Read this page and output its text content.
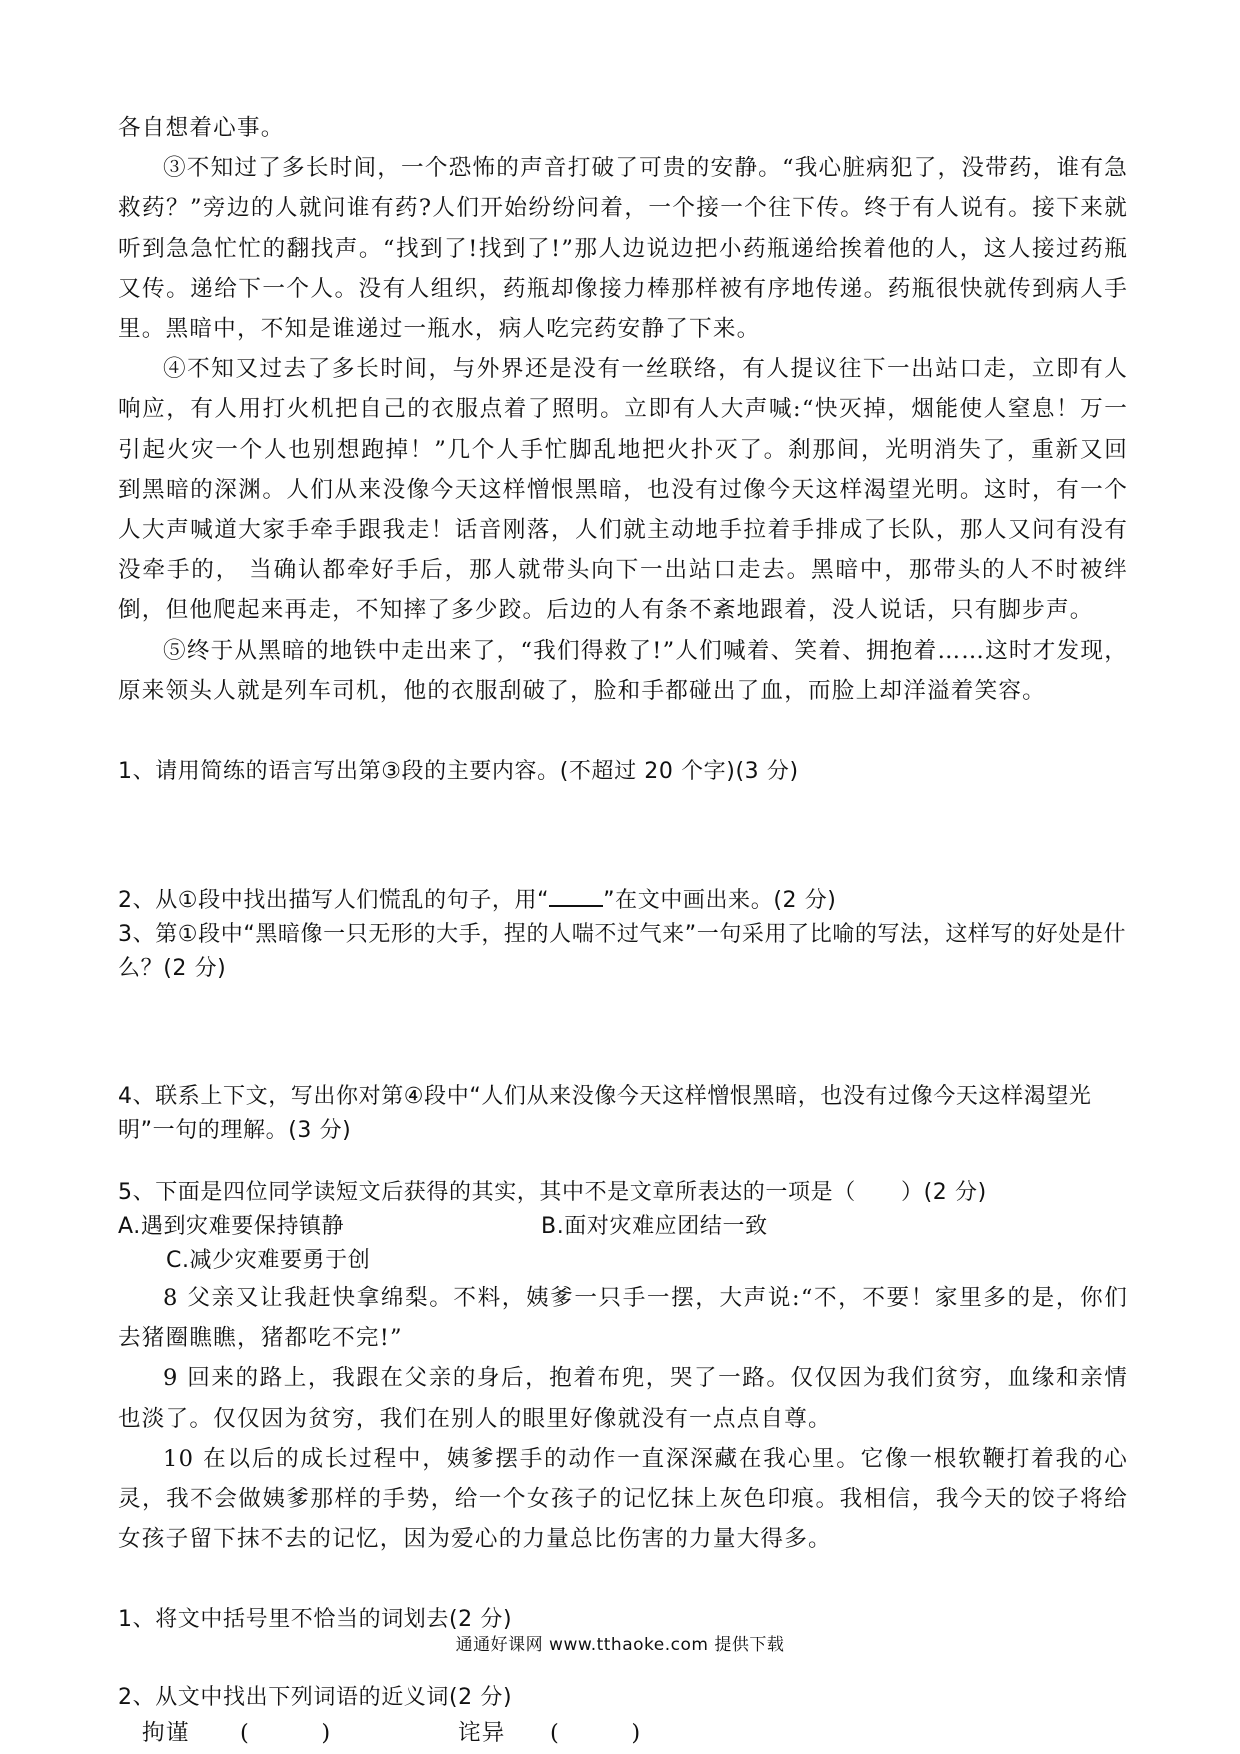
各自想着心事。

③不知过了多长时间，一个恐怖的声音打破了可贵的安静。“我心脏病犯了，没带药，谁有急救药？”旁边的人就问谁有药?人们开始纷纷问着，一个接一个往下传。终于有人说有。接下来就听到急急忙忙的翻找声。“找到了!找到了!”那人边说边把小药瓶递给挨着他的人，这人接过药瓶又传。递给下一个人。没有人组织，药瓶却像接力棒那样被有序地传递。药瓶很快就传到病人手里。黑暗中，不知是谁递过一瓶水，病人吃完药安静了下来。

④不知又过去了多长时间，与外界还是没有一丝联络，有人提议往下一出站口走，立即有人响应，有人用打火机把自己的衣服点着了照明。立即有人大声喊:“快灭掉，烟能使人窒息！万一引起火灾一个人也别想跑掉！”几个人手忙脚乱地把火扑灭了。刹那间，光明消失了，重新又回到黑暗的深渊。人们从来没像今天这样憎恨黑暗，也没有过像今天这样渴望光明。这时，有一个人大声喊道大家手牵手跟我走！话音刚落，人们就主动地手拉着手排成了长队，那人又问有没有没牵手的， 当确认都牵好手后，那人就带头向下一出站口走去。黑暗中，那带头的人不时被绊倒，但他爬起来再走，不知摔了多少跤。后边的人有条不紊地跟着，没人说话，只有脚步声。

⑤终于从黑暗的地铁中走出来了，“我们得救了!”人们喊着、笑着、拥抱着……这时才发现，原来领头人就是列车司机，他的衣服刮破了，脸和手都碰出了血，而脸上却洋溢着笑容。

1、请用简练的语言写出第③段的主要内容。(不超过 20 个字)(3 分)

2、从①段中找出描写人们慌乱的句子，用“ ”在文中画出来。(2 分)

3、第①段中“黑暗像一只无形的大手，捏的人喘不过气来”一句采用了比喻的写法，这样写的好处是什么？(2 分)

4、联系上下文，写出你对第④段中“人们从来没像今天这样憎恨黑暗，也没有过像今天这样渴望光明”一句的理解。(3 分)

5、下面是四位同学读短文后获得的其实，其中不是文章所表达的一项是（　　）(2 分)

A.遇到灾难要保持镇静	B.面对灾难应团结一致

C.减少灾难要勇于创

8 父亲又让我赶快拿绵梨。不料，姨爹一只手一摆，大声说:“不，不要！家里多的是，你们去猪圈瞧瞧，猪都吃不完!”

9 回来的路上，我跟在父亲的身后，抱着布兜，哭了一路。仅仅因为我们贫穷，血缘和亲情也淡了。仅仅因为贫穷，我们在别人的眼里好像就没有一点点自尊。

10 在以后的成长过程中，姨爹摆手的动作一直深深藏在我心里。它像一根软鞭打着我的心灵，我不会做姨爹那样的手势，给一个女孩子的记忆抹上灰色印痕。我相信，我今天的饺子将给女孩子留下抹不去的记忆，因为爱心的力量总比伤害的力量大得多。

1、将文中括号里不恰当的词划去(2 分)

2、从文中找出下列词语的近义词(2 分)

拘谨 (　　　)	诧异 (　　　)
通通好课网 www.tthaoke.com 提供下载
